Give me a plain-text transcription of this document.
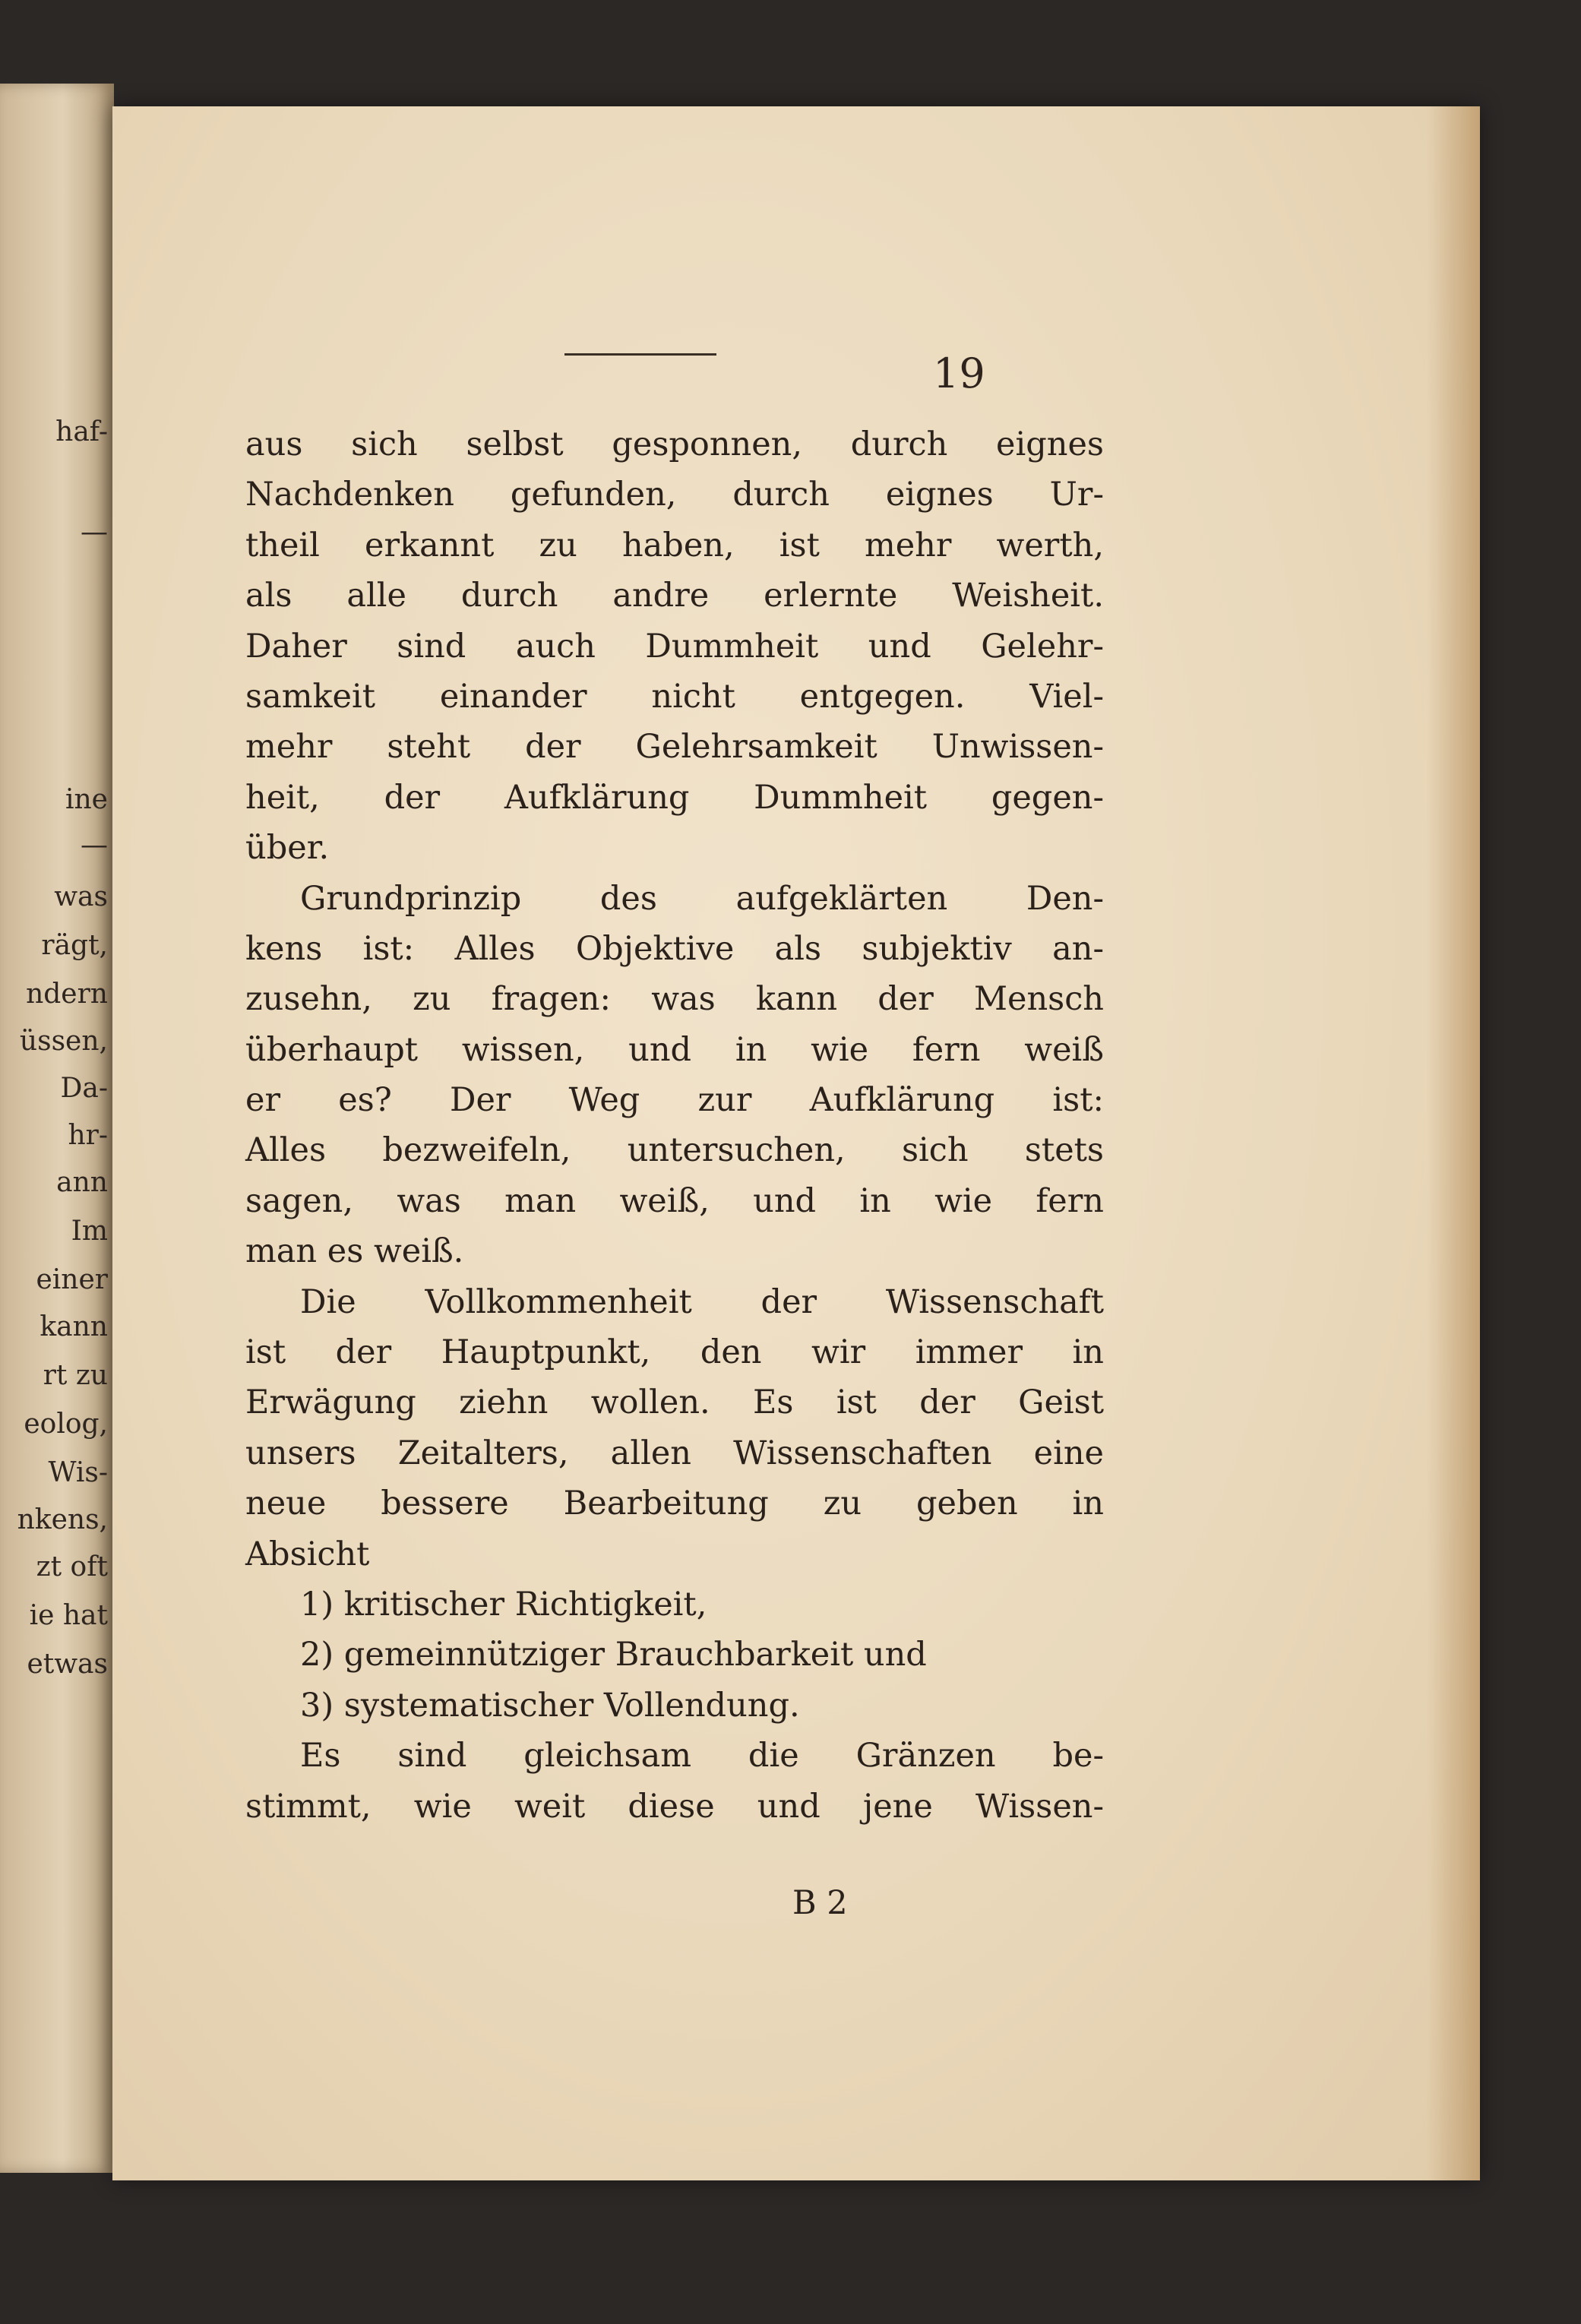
haf-
—
ine
—
was
rägt,
ndern
üssen,
Da-
hr-
ann
Im
einer
kann
rt zu
eolog,
Wis-
nkens,
zt oft
ie hat
etwas
19
aus sich selbst gesponnen, durch eignes
Nachdenken gefunden, durch eignes Ur-
theil erkannt zu haben, ist mehr werth,
als alle durch andre erlernte Weisheit.
Daher sind auch Dummheit und Gelehr-
samkeit einander nicht entgegen. Viel-
mehr steht der Gelehrsamkeit Unwissen-
heit, der Aufklärung Dummheit gegen-
über.
Grundprinzip des aufgeklärten Den-
kens ist: Alles Objektive als subjektiv an-
zusehn, zu fragen: was kann der Mensch
überhaupt wissen, und in wie fern weiß
er es? Der Weg zur Aufklärung ist:
Alles bezweifeln, untersuchen, sich stets
sagen, was man weiß, und in wie fern
man es weiß.
Die Vollkommenheit der Wissenschaft
ist der Hauptpunkt, den wir immer in
Erwägung ziehn wollen. Es ist der Geist
unsers Zeitalters, allen Wissenschaften eine
neue bessere Bearbeitung zu geben in
Absicht
1) kritischer Richtigkeit,
2) gemeinnütziger Brauchbarkeit und
3) systematischer Vollendung.
Es sind gleichsam die Gränzen be-
stimmt, wie weit diese und jene Wissen-
B 2
